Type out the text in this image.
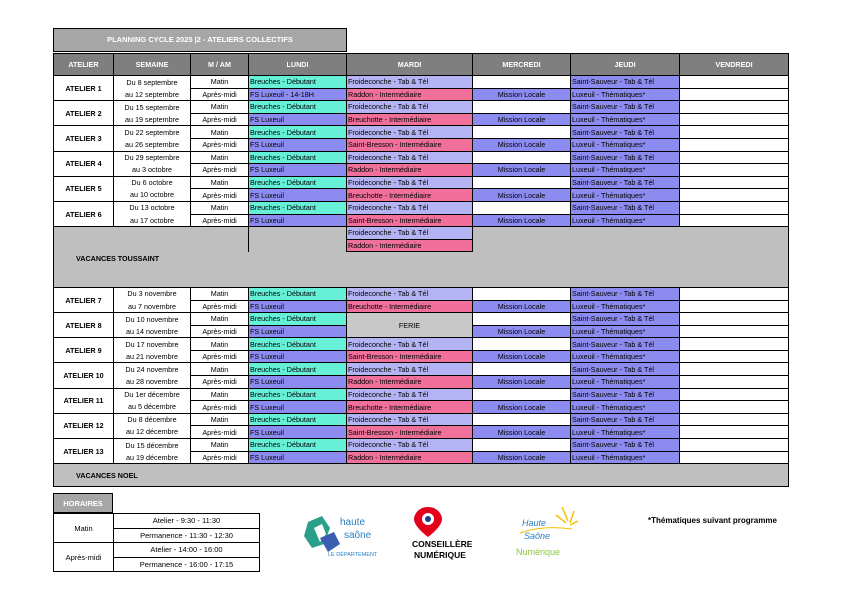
PLANNING CYCLE 2025 |2 - ATELIERS COLLECTIFS
ATELIER	SEMAINE	M / AM	LUNDI	MARDI	MERCREDI	JEUDI	VENDREDI
ATELIER 1	Du 8 septembre	Matin	Breuches - Débutant	Froideconche - Tab & Tél		Saint-Sauveur - Tab & Tél	
	au 12 septembre	Après-midi	FS Luxeuil - 14-18H	Raddon - Intermédiaire	Mission Locale	Luxeuil - Thématiques*	
ATELIER 2	Du 15 septembre	Matin	Breuches - Débutant	Froideconche - Tab & Tél		Saint-Sauveur - Tab & Tél	
	au 19 septembre	Après-midi	FS Luxeuil	Breuchotte - Intermédiaire	Mission Locale	Luxeuil - Thématiques*	
ATELIER 3	Du 22 septembre	Matin	Breuches - Débutant	Froideconche - Tab & Tél		Saint-Sauveur - Tab & Tél	
	au 26 septembre	Après-midi	FS Luxeuil	Saint-Bresson - Intermédiaire	Mission Locale	Luxeuil - Thématiques*	
ATELIER 4	Du 29 septembre	Matin	Breuches - Débutant	Froideconche - Tab & Tél		Saint-Sauveur - Tab & Tél	
	au 3 octobre	Après-midi	FS Luxeuil	Raddon - Intermédiaire	Mission Locale	Luxeuil - Thématiques*	
ATELIER 5	Du 6 octobre	Matin	Breuches - Débutant	Froideconche - Tab & Tél		Saint-Sauveur - Tab & Tél	
	au 10 octobre	Après-midi	FS Luxeuil	Breuchotte - Intermédiaire	Mission Locale	Luxeuil - Thématiques*	
ATELIER 6	Du 13 octobre	Matin	Breuches - Débutant	Froideconche - Tab & Tél		Saint-Sauveur - Tab & Tél	
	au 17 octobre	Après-midi	FS Luxeuil	Saint-Bresson - Intermédiaire	Mission Locale	Luxeuil - Thématiques*	
				Froideconche - Tab & Tél			
				Raddon - Intermédiaire			
VACANCES TOUSSAINT							

ATELIER 7	Du 3 novembre	Matin	Breuches - Débutant	Froideconche - Tab & Tél		Saint-Sauveur - Tab & Tél	
	au 7 novembre	Après-midi	FS Luxeuil	Breuchotte - Intermédiaire	Mission Locale	Luxeuil - Thématiques*	
ATELIER 8	Du 10 novembre	Matin	Breuches - Débutant	FERIE		Saint-Sauveur - Tab & Tél	
	au 14 novembre	Après-midi	FS Luxeuil		Mission Locale	Luxeuil - Thématiques*	
ATELIER 9	Du 17 novembre	Matin	Breuches - Débutant	Froideconche - Tab & Tél		Saint-Sauveur - Tab & Tél	
	au 21 novembre	Après-midi	FS Luxeuil	Saint-Bresson - Intermédiaire	Mission Locale	Luxeuil - Thématiques*	
ATELIER 10	Du 24 novembre	Matin	Breuches - Débutant	Froideconche - Tab & Tél		Saint-Sauveur - Tab & Tél	
	au 28 novembre	Après-midi	FS Luxeuil	Raddon - Intermédiaire	Mission Locale	Luxeuil - Thématiques*	
ATELIER 11	Du 1er décembre	Matin	Breuches - Débutant	Froideconche - Tab & Tél		Saint-Sauveur - Tab & Tél	
	au 5 décembre	Après-midi	FS Luxeuil	Breuchotte - Intermédiaire	Mission Locale	Luxeuil - Thématiques*	
ATELIER 12	Du 8 décembre	Matin	Breuches - Débutant	Froideconche - Tab & Tél		Saint-Sauveur - Tab & Tél	
	au 12 décembre	Après-midi	FS Luxeuil	Saint-Bresson - Intermédiaire	Mission Locale	Luxeuil - Thématiques*	
ATELIER 13	Du 15 décembre	Matin	Breuches - Débutant	Froideconche - Tab & Tél		Saint-Sauveur - Tab & Tél	
	au 19 décembre	Après-midi	FS Luxeuil	Raddon - Intermédiaire	Mission Locale	Luxeuil - Thématiques*	
VACANCES NOEL							
HORAIRES
Matin	Atelier - 9:30 - 11:30
	Permanence - 11:30 - 12:30
Après-midi	Atelier - 14:00 - 16:00
	Permanence - 16:00 - 17:15
haute
saône
LE DÉPARTEMENT
CONSEILLÈRE
NUMÉRIQUE
Haute
Saône
Numérique
*Thématiques suivant programme
